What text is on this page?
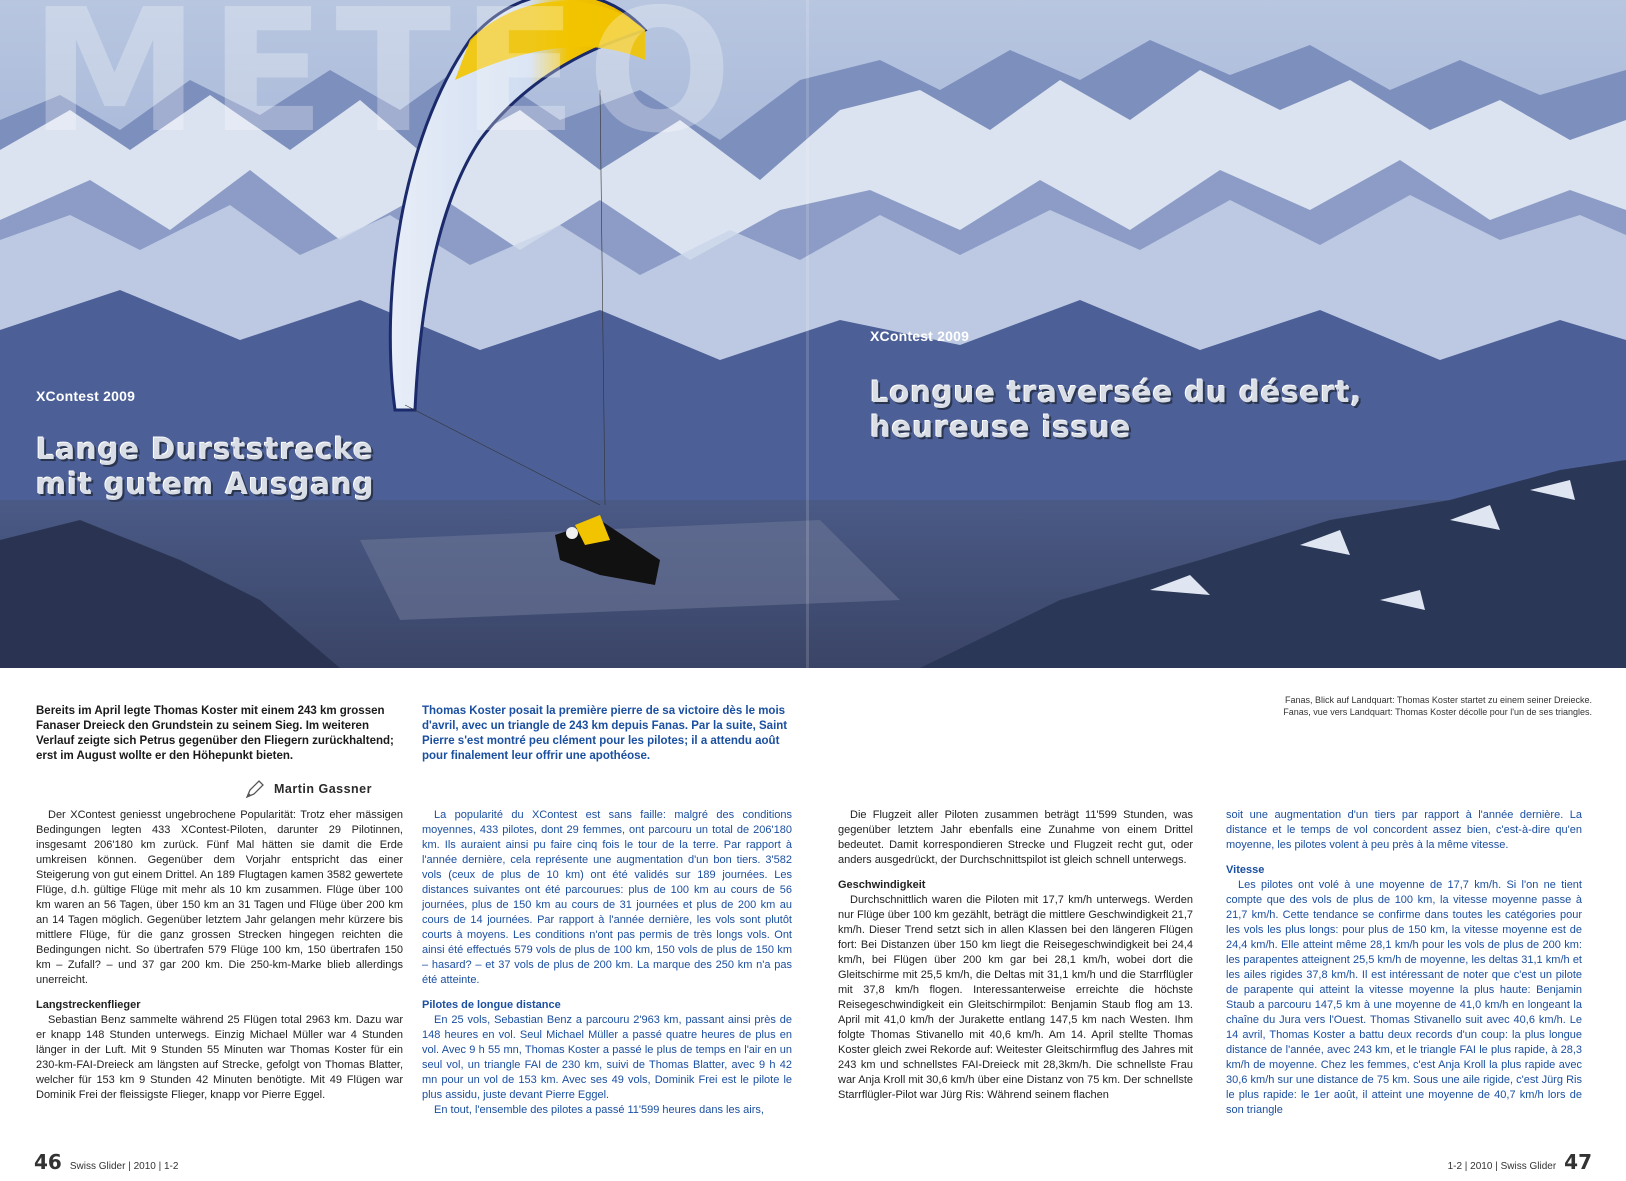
METEO
XContest 2009
Lange Durststrecke
mit gutem Ausgang
XContest 2009
Longue traversée du désert,
heureuse issue
Bereits im April legte Thomas Koster mit einem 243 km grossen Fanaser Dreieck den Grundstein zu seinem Sieg. Im weiteren Verlauf zeigte sich Petrus gegenüber den Fliegern zurückhaltend; erst im August wollte er den Höhepunkt bieten.
Thomas Koster posait la première pierre de sa victoire dès le mois d'avril, avec un triangle de 243 km depuis Fanas. Par la suite, Saint Pierre s'est montré peu clément pour les pilotes; il a attendu août pour finalement leur offrir une apothéose.
Martin Gassner

Der XContest geniesst ungebrochene Popularität: Trotz eher mässigen Bedingungen legten 433 XContest-Piloten, darunter 29 Pilotinnen, insgesamt 206'180 km zurück. Fünf Mal hätten sie damit die Erde umkreisen können. Gegenüber dem Vorjahr entspricht das einer Steigerung von gut einem Drittel. An 189 Flugtagen kamen 3582 gewertete Flüge, d.h. gültige Flüge mit mehr als 10 km zusammen. Flüge über 100 km waren an 56 Tagen, über 150 km an 31 Tagen und Flüge über 200 km an 14 Tagen möglich. Gegenüber letztem Jahr gelangen mehr kürzere bis mittlere Flüge, für die ganz grossen Strecken hingegen reichten die Bedingungen nicht. So übertrafen 579 Flüge 100 km, 150 übertrafen 150 km – Zufall? – und 37 gar 200 km. Die 250-km-Marke blieb allerdings unerreicht.

Langstreckenflieger

Sebastian Benz sammelte während 25 Flügen total 2963 km. Dazu war er knapp 148 Stunden unterwegs. Einzig Michael Müller war 4 Stunden länger in der Luft. Mit 9 Stunden 55 Minuten war Thomas Koster für ein 230-km-FAI-Dreieck am längsten auf Strecke, gefolgt von Thomas Blatter, welcher für 153 km 9 Stunden 42 Minuten benötigte. Mit 49 Flügen war Dominik Frei der fleissigste Flieger, knapp vor Pierre Eggel.

La popularité du XContest est sans faille: malgré des conditions moyennes, 433 pilotes, dont 29 femmes, ont parcouru un total de 206'180 km. Ils auraient ainsi pu faire cinq fois le tour de la terre. Par rapport à l'année dernière, cela représente une augmentation d'un bon tiers. 3'582 vols (ceux de plus de 10 km) ont été validés sur 189 journées. Les distances suivantes ont été parcourues: plus de 100 km au cours de 56 journées, plus de 150 km au cours de 31 journées et plus de 200 km au cours de 14 journées. Par rapport à l'année dernière, les vols sont plutôt courts à moyens. Les conditions n'ont pas permis de très longs vols. Ont ainsi été effectués 579 vols de plus de 100 km, 150 vols de plus de 150 km – hasard? – et 37 vols de plus de 200 km. La marque des 250 km n'a pas été atteinte.

Pilotes de longue distance

En 25 vols, Sebastian Benz a parcouru 2'963 km, passant ainsi près de 148 heures en vol. Seul Michael Müller a passé quatre heures de plus en vol. Avec 9 h 55 mn, Thomas Koster a passé le plus de temps en l'air en un seul vol, un triangle FAI de 230 km, suivi de Thomas Blatter, avec 9 h 42 mn pour un vol de 153 km. Avec ses 49 vols, Dominik Frei est le pilote le plus assidu, juste devant Pierre Eggel.

En tout, l'ensemble des pilotes a passé 11'599 heures dans les airs,

46 Swiss Glider | 2010 | 1-2
Fanas, Blick auf Landquart: Thomas Koster startet zu einem seiner Dreiecke.
Fanas, vue vers Landquart: Thomas Koster décolle pour l'un de ses triangles.

Die Flugzeit aller Piloten zusammen beträgt 11'599 Stunden, was gegenüber letztem Jahr ebenfalls eine Zunahme von einem Drittel bedeutet. Damit korrespondieren Strecke und Flugzeit recht gut, oder anders ausgedrückt, der Durchschnittspilot ist gleich schnell unterwegs.

Geschwindigkeit

Durchschnittlich waren die Piloten mit 17,7 km/h unterwegs. Werden nur Flüge über 100 km gezählt, beträgt die mittlere Geschwindigkeit 21,7 km/h. Dieser Trend setzt sich in allen Klassen bei den längeren Flügen fort: Bei Distanzen über 150 km liegt die Reisegeschwindigkeit bei 24,4 km/h, bei Flügen über 200 km gar bei 28,1 km/h, wobei dort die Gleitschirme mit 25,5 km/h, die Deltas mit 31,1 km/h und die Starrflügler mit 37,8 km/h flogen. Interessanterweise erreichte die höchste Reisegeschwindigkeit ein Gleitschirmpilot: Benjamin Staub flog am 13. April mit 41,0 km/h der Jurakette entlang 147,5 km nach Westen. Ihm folgte Thomas Stivanello mit 40,6 km/h. Am 14. April stellte Thomas Koster gleich zwei Rekorde auf: Weitester Gleitschirmflug des Jahres mit 243 km und schnellstes FAI-Dreieck mit 28,3km/h. Die schnellste Frau war Anja Kroll mit 30,6 km/h über eine Distanz von 75 km. Der schnellste Starrflügler-Pilot war Jürg Ris: Während seinem flachen

soit une augmentation d'un tiers par rapport à l'année dernière. La distance et le temps de vol concordent assez bien, c'est-à-dire qu'en moyenne, les pilotes volent à peu près à la même vitesse.

Vitesse

Les pilotes ont volé à une moyenne de 17,7 km/h. Si l'on ne tient compte que des vols de plus de 100 km, la vitesse moyenne passe à 21,7 km/h. Cette tendance se confirme dans toutes les catégories pour les vols les plus longs: pour plus de 150 km, la vitesse moyenne est de 24,4 km/h. Elle atteint même 28,1 km/h pour les vols de plus de 200 km: les parapentes atteignent 25,5 km/h de moyenne, les deltas 31,1 km/h et les ailes rigides 37,8 km/h. Il est intéressant de noter que c'est un pilote de parapente qui atteint la vitesse moyenne la plus haute: Benjamin Staub a parcouru 147,5 km à une moyenne de 41,0 km/h en longeant la chaîne du Jura vers l'Ouest. Thomas Stivanello suit avec 40,6 km/h. Le 14 avril, Thomas Koster a battu deux records d'un coup: la plus longue distance de l'année, avec 243 km, et le triangle FAI le plus rapide, à 28,3 km/h de moyenne. Chez les femmes, c'est Anja Kroll la plus rapide avec 30,6 km/h sur une distance de 75 km. Sous une aile rigide, c'est Jürg Ris le plus rapide: le 1er août, il atteint une moyenne de 40,7 km/h lors de son triangle

1-2 | 2010 | Swiss Glider 47
